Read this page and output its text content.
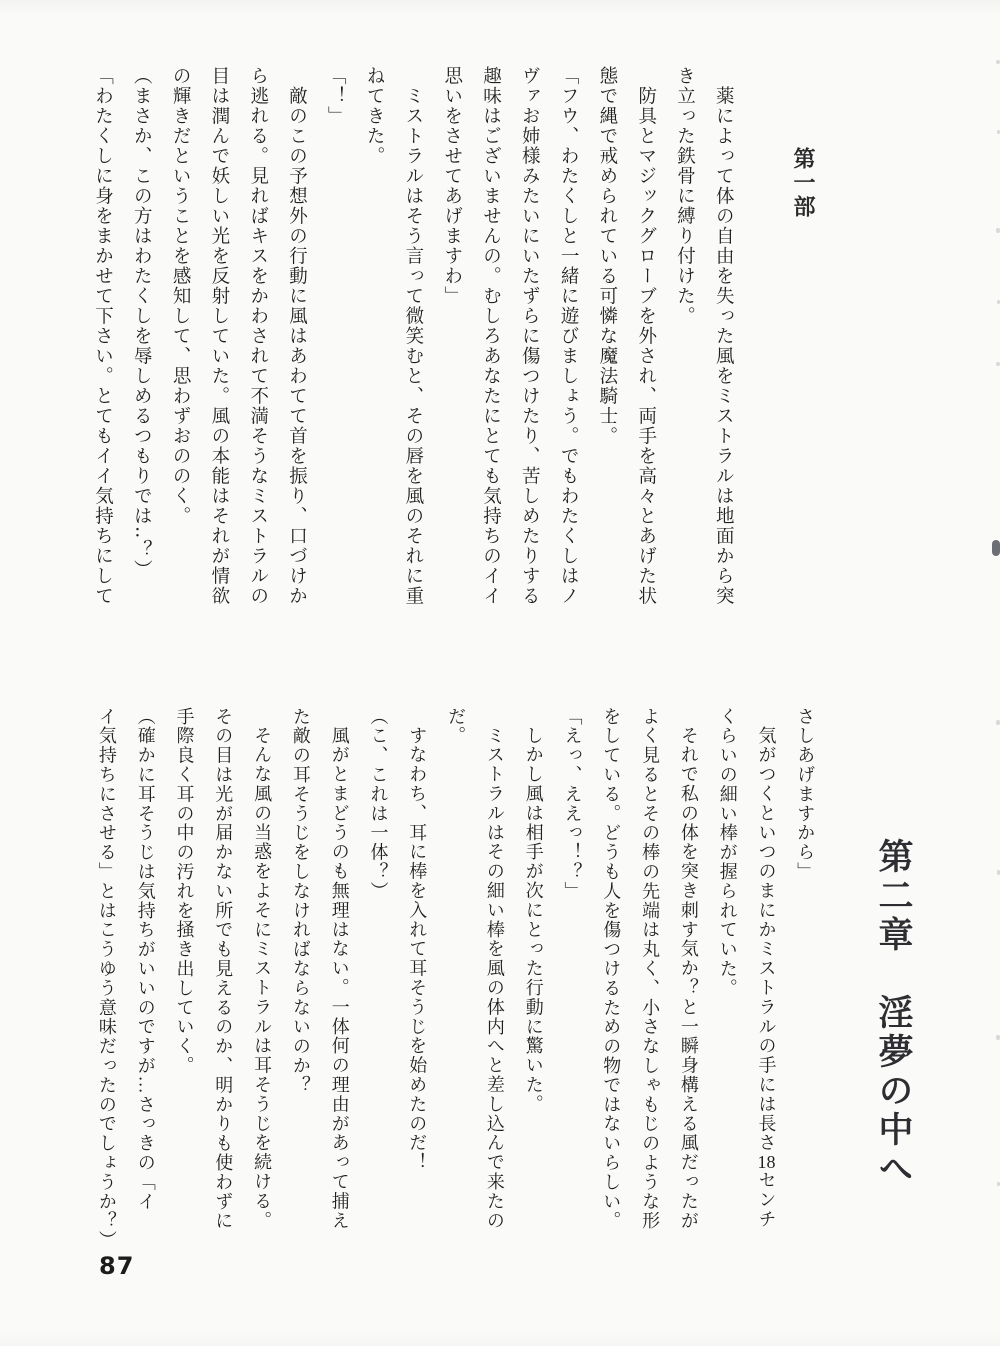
第一部
薬によって体の自由を失った風をミストラルは地面から突
き立った鉄骨に縛り付けた。
防具とマジックグローブを外され、両手を高々とあげた状
態で縄で戒められている可憐な魔法騎士。
「フウ、わたくしと一緒に遊びましょう。でもわたくしはノ
ヴァお姉様みたいにいたずらに傷つけたり、苦しめたりする
趣味はございませんの。むしろあなたにとても気持ちのイイ
思いをさせてあげますわ」
ミストラルはそう言って微笑むと、その唇を風のそれに重
ねてきた。
「！」
敵のこの予想外の行動に風はあわてて首を振り、口づけか
ら逃れる。見ればキスをかわされて不満そうなミストラルの
目は潤んで妖しい光を反射していた。風の本能はそれが情欲
の輝きだということを感知して、思わずおののく。
（まさか、この方はわたくしを辱しめるつもりでは‥？）
「わたくしに身をまかせて下さい。とてもイイ気持ちにして
第二章　淫夢の中へ
さしあげますから」
気がつくといつのまにかミストラルの手には長さ18センチ
くらいの細い棒が握られていた。
それで私の体を突き刺す気か？と一瞬身構える風だったが
よく見るとその棒の先端は丸く、小さなしゃもじのような形
をしている。どうも人を傷つけるための物ではないらしい。
「えっ、ええっ！？」
しかし風は相手が次にとった行動に驚いた。
ミストラルはその細い棒を風の体内へと差し込んで来たの
だ。
すなわち、耳に棒を入れて耳そうじを始めたのだ！
（こ、これは一体？）
風がとまどうのも無理はない。一体何の理由があって捕え
た敵の耳そうじをしなければならないのか？
そんな風の当惑をよそにミストラルは耳そうじを続ける。
その目は光が届かない所でも見えるのか、明かりも使わずに
手際良く耳の中の汚れを掻き出していく。
（確かに耳そうじは気持ちがいいのですが…さっきの「イ
イ気持ちにさせる」とはこうゆう意味だったのでしょうか？）
87
